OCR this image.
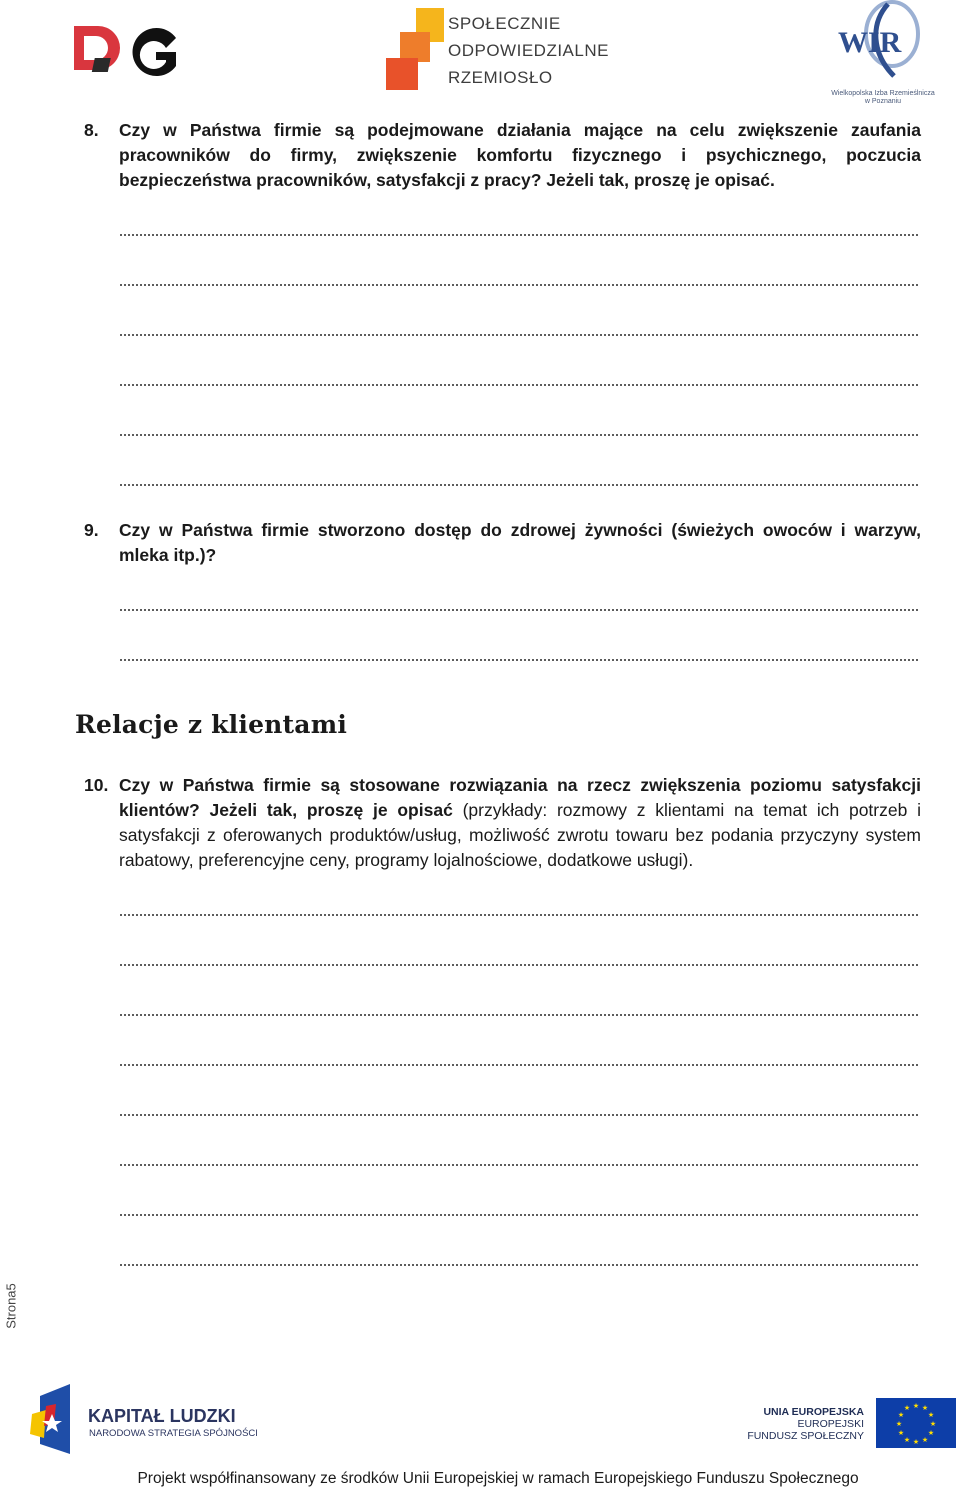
SPOŁECZNIE
ODPOWIEDZIALNE
RZEMIOSŁO
WIR
Wielkopolska Izba Rzemieślnicza
w Poznaniu
8.	Czy w Państwa firmie są podejmowane działania mające na celu zwiększenie zaufania pracowników do firmy, zwiększenie komfortu fizycznego i psychicznego, poczucia bezpieczeństwa pracowników, satysfakcji z pracy? Jeżeli tak, proszę je opisać.
9.	Czy w Państwa firmie stworzono dostęp do zdrowej żywności (świeżych owoców i warzyw, mleka itp.)?
Relacje z klientami
10. Czy w Państwa firmie są stosowane rozwiązania na rzecz zwiększenia poziomu satysfakcji klientów? Jeżeli tak, proszę je opisać (przykłady: rozmowy z klientami na temat ich potrzeb i satysfakcji z oferowanych produktów/usług, możliwość zwrotu towaru bez podania przyczyny system rabatowy, preferencyjne ceny, programy lojalnościowe, dodatkowe usługi).
Strona5
KAPITAŁ LUDZKI
NARODOWA STRATEGIA SPÓJNOŚCI
UNIA EUROPEJSKA
EUROPEJSKI
FUNDUSZ SPOŁECZNY
★ ★
★
★
★
★
★
★
★
★
★
★
Projekt współfinansowany ze środków Unii Europejskiej w ramach Europejskiego Funduszu Społecznego
